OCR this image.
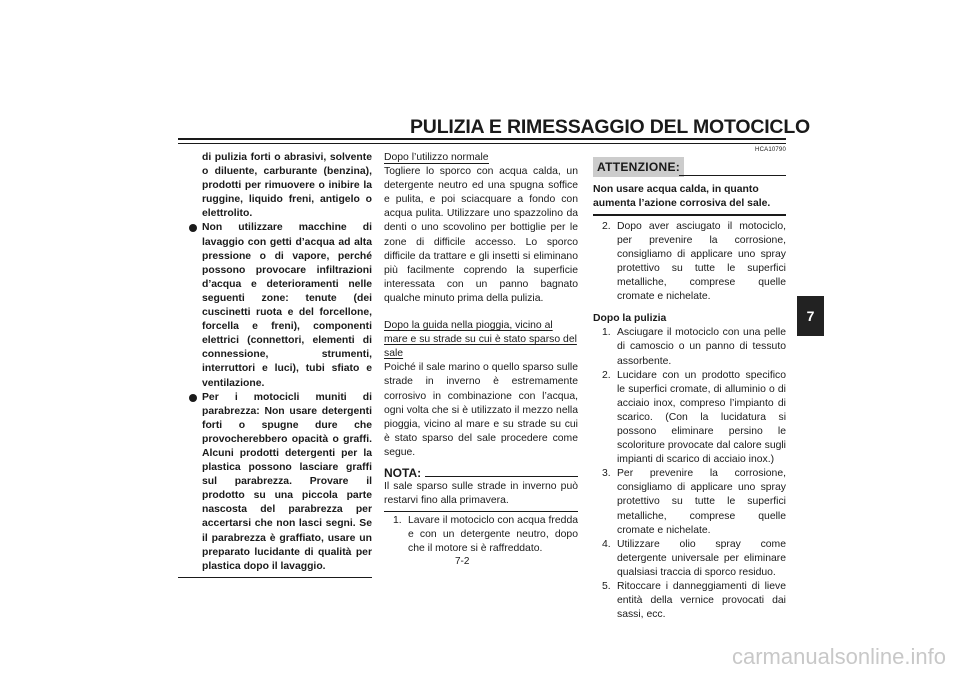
PULIZIA E RIMESSAGGIO DEL MOTOCICLO
di pulizia forti o abrasivi, solvente o diluente, carburante (benzina), prodotti per rimuovere o inibire la ruggine, liquido freni, antigelo o elettrolito.
Non utilizzare macchine di lavaggio con getti d’acqua ad alta pressione o di vapore, perché possono provocare infiltrazioni d’acqua e deterioramenti nelle seguenti zone: tenute (dei cuscinetti ruota e del forcellone, forcella e freni), componenti elettrici (connettori, elementi di connessione, strumenti, interruttori e luci), tubi sfiato e ventilazione.
Per i motocicli muniti di parabrezza: Non usare detergenti forti o spugne dure che provocherebbero opacità o graffi. Alcuni prodotti detergenti per la plastica possono lasciare graffi sul parabrezza. Provare il prodotto su una piccola parte nascosta del parabrezza per accertarsi che non lasci segni. Se il parabrezza è graffiato, usare un preparato lucidante di qualità per plastica dopo il lavaggio.
Dopo l’utilizzo normale
Togliere lo sporco con acqua calda, un detergente neutro ed una spugna soffice e pulita, e poi sciacquare a fondo con acqua pulita. Utilizzare uno spazzolino da denti o uno scovolino per bottiglie per le zone di difficile accesso. Lo sporco difficile da trattare e gli insetti si eliminano più facilmente coprendo la superficie interessata con un panno bagnato qualche minuto prima della pulizia.
Dopo la guida nella pioggia, vicino al mare e su strade su cui è stato sparso del sale
Poiché il sale marino o quello sparso sulle strade in inverno è estremamente corrosivo in combinazione con l’acqua, ogni volta che si è utilizzato il mezzo nella pioggia, vicino al mare e su strade su cui è stato sparso del sale procedere come segue.
NOTA:
Il sale sparso sulle strade in inverno può restarvi fino alla primavera.
1. Lavare il motociclo con acqua fredda e con un detergente neutro, dopo che il motore si è raffreddato.
ATTENZIONE:
HCA10790
Non usare acqua calda, in quanto aumenta l’azione corrosiva del sale.
2. Dopo aver asciugato il motociclo, per prevenire la corrosione, consigliamo di applicare uno spray protettivo su tutte le superfici metalliche, comprese quelle cromate e nichelate.
Dopo la pulizia
1. Asciugare il motociclo con una pelle di camoscio o un panno di tessuto assorbente.
2. Lucidare con un prodotto specifico le superfici cromate, di alluminio o di acciaio inox, compreso l’impianto di scarico. (Con la lucidatura si possono eliminare persino le scoloriture provocate dal calore sugli impianti di scarico di acciaio inox.)
3. Per prevenire la corrosione, consigliamo di applicare uno spray protettivo su tutte le superfici metalliche, comprese quelle cromate e nichelate.
4. Utilizzare olio spray come detergente universale per eliminare qualsiasi traccia di sporco residuo.
5. Ritoccare i danneggiamenti di lieve entità della vernice provocati dai sassi, ecc.
7-2
7
carmanualsonline.info
